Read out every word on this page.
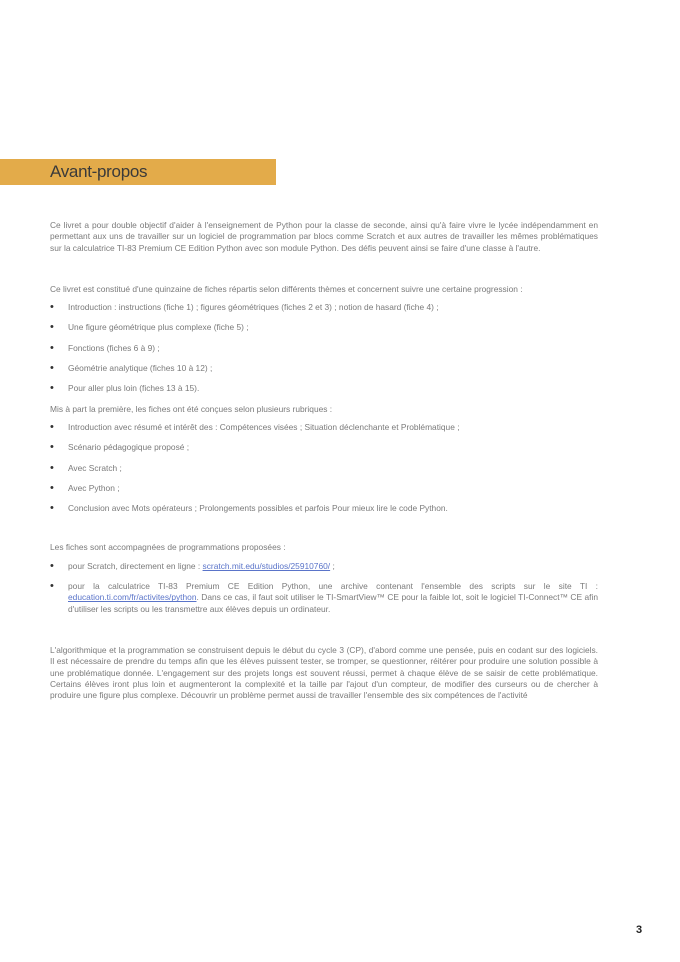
Avant-propos

Ce livret a pour double objectif d'aider à l'enseignement de Python pour la classe de seconde, ainsi qu'à faire vivre le lycée indépendamment en permettant aux uns de travailler sur un logiciel de programmation par blocs comme Scratch et aux autres de travailler les mêmes problématiques sur la calculatrice TI-83 Premium CE Edition Python avec son module Python. Des défis peuvent ainsi se faire d'une classe à l'autre.

Ce livret est constitué d'une quinzaine de fiches répartis selon différents thèmes et concernent suivre une certaine progression :

• Introduction : instructions (fiche 1) ; figures géométriques (fiches 2 et 3) ; notion de hasard (fiche 4) ;
• Une figure géométrique plus complexe (fiche 5) ;
• Fonctions (fiches 6 à 9) ;
• Géométrie analytique (fiches 10 à 12) ;
• Pour aller plus loin (fiches 13 à 15).

Mis à part la première, les fiches ont été conçues selon plusieurs rubriques :

• Introduction avec résumé et intérêt des : Compétences visées ; Situation déclenchante et Problématique ;
• Scénario pédagogique proposé ;
• Avec Scratch ;
• Avec Python ;
• Conclusion avec Mots opérateurs ; Prolongements possibles et parfois Pour mieux lire le code Python.

Les fiches sont accompagnées de programmations proposées :

• pour Scratch, directement en ligne : scratch.mit.edu/studios/25910760/ ;
• pour la calculatrice TI-83 Premium CE Edition Python, une archive contenant l'ensemble des scripts sur le site TI : education.ti.com/fr/activites/python. Dans ce cas, il faut soit utiliser le TI-SmartView™ CE pour la faible lot, soit le logiciel TI-Connect™ CE afin d'utiliser les scripts ou les transmettre aux élèves depuis un ordinateur.

L'algorithmique et la programmation se construisent depuis le début du cycle 3 (CP), d'abord comme une pensée, puis en codant sur des logiciels. Il est nécessaire de prendre du temps afin que les élèves puissent tester, se tromper, se questionner, réitérer pour produire une solution possible à une problématique donnée. L'engagement sur des projets longs est souvent réussi, permet à chaque élève de se saisir de cette problématique. Certains élèves iront plus loin et augmenteront la complexité et la taille par l'ajout d'un compteur, de modifier des curseurs ou de chercher à produire une figure plus complexe. Découvrir un problème permet aussi de travailler l'ensemble des six compétences de l'activité

3
